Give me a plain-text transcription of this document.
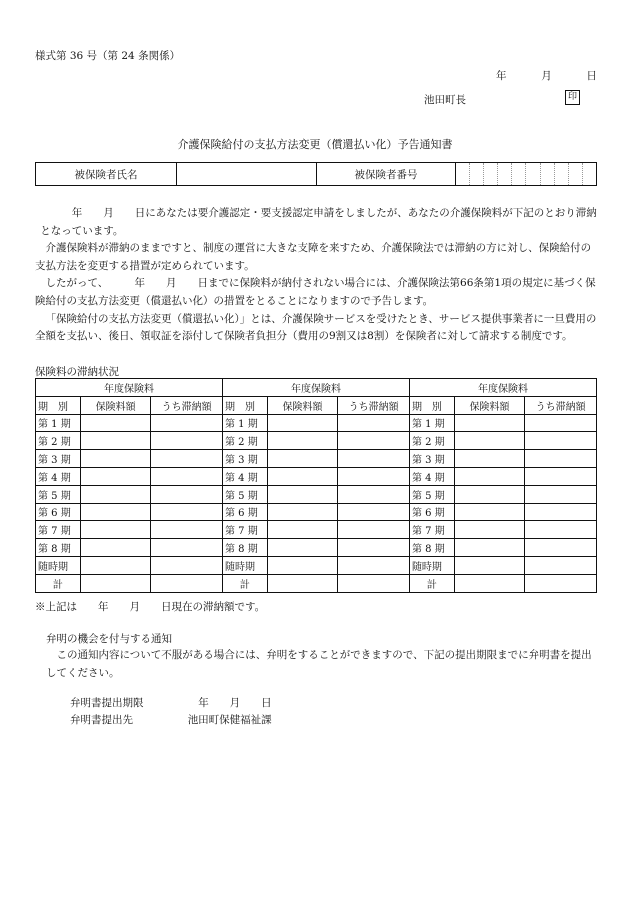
様式第 36 号（第 24 条関係）
年	月	日
池田町長	印
介護保険給付の支払方法変更（償還払い化）予告通知書
被保険者氏名		被保険者番号	

　　　年　　月　　日にあなたは要介護認定・要支援認定申請をしましたが、あなたの介護保険料が下記のとおり滞納となっています。

介護保険料が滞納のままですと、制度の運営に大きな支障を来すため、介護保険法では滞納の方に対し、保険給付の支払方法を変更する措置が定められています。

したがって、　　　年　　月　　日までに保険料が納付されない場合には、介護保険法第66条第1項の規定に基づく保険給付の支払方法変更（償還払い化）の措置をとることになりますので予告します。

「保険給付の支払方法変更（償還払い化）」とは、介護保険サービスを受けたとき、サービス提供事業者に一旦費用の全額を支払い、後日、領収証を添付して保険者負担分（費用の9割又は8割）を保険者に対して請求する制度です。

保険料の滞納状況
年度保険料			年度保険料			年度保険料		
期　別	保険料額	うち滞納額	期　別	保険料額	うち滞納額	期　別	保険料額	うち滞納額
第 1 期			第 1 期			第 1 期		
第 2 期			第 2 期			第 2 期		
第 3 期			第 3 期			第 3 期		
第 4 期			第 4 期			第 4 期		
第 5 期			第 5 期			第 5 期		
第 6 期			第 6 期			第 6 期		
第 7 期			第 7 期			第 7 期		
第 8 期			第 8 期			第 8 期		
随時期			随時期			随時期		
計			計			計		
※上記は　　年　　月　　日現在の滞納額です。
弁明の機会を付与する通知

この通知内容について不服がある場合には、弁明をすることができますので、下記の提出期限までに弁明書を提出してください。

弁明書提出期限	年　　月　　日
弁明書提出先	池田町保健福祉課
